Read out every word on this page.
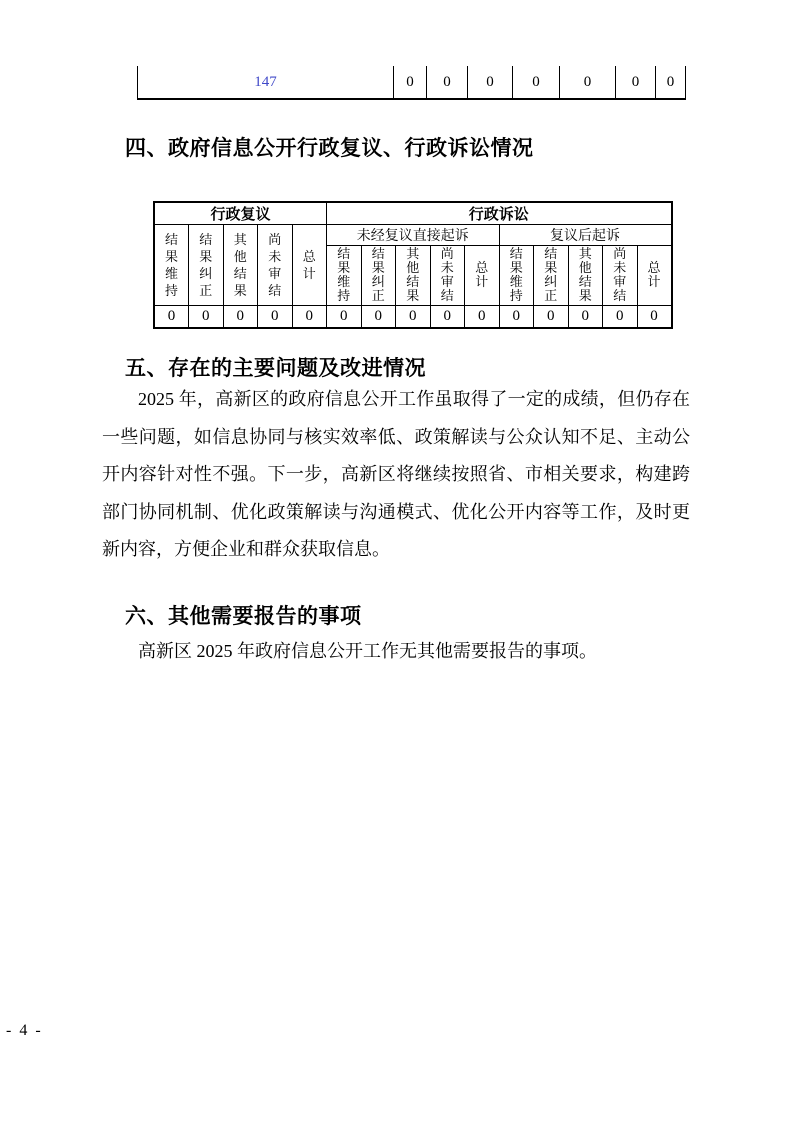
147	0	0	0	0	0	0	0
四、政府信息公开行政复议、行政诉讼情况
行政复议					行政诉讼									
结果维持	结果纠正	其他结果	尚未审结	总计	未经复议直接起诉					复议后起诉				
					结果维持	结果纠正	其他结果	尚未审结	总计	结果维持	结果纠正	其他结果	尚未审结	总计
0	0	0	0	0	0	0	0	0	0	0	0	0	0	0
五、存在的主要问题及改进情况
2025 年，高新区的政府信息公开工作虽取得了一定的成绩，但仍存在一些问题，如信息协同与核实效率低、政策解读与公众认知不足、主动公开内容针对性不强。下一步，高新区将继续按照省、市相关要求，构建跨部门协同机制、优化政策解读与沟通模式、优化公开内容等工作，及时更新内容，方便企业和群众获取信息。
六、其他需要报告的事项
高新区 2025 年政府信息公开工作无其他需要报告的事项。
- 4 -
